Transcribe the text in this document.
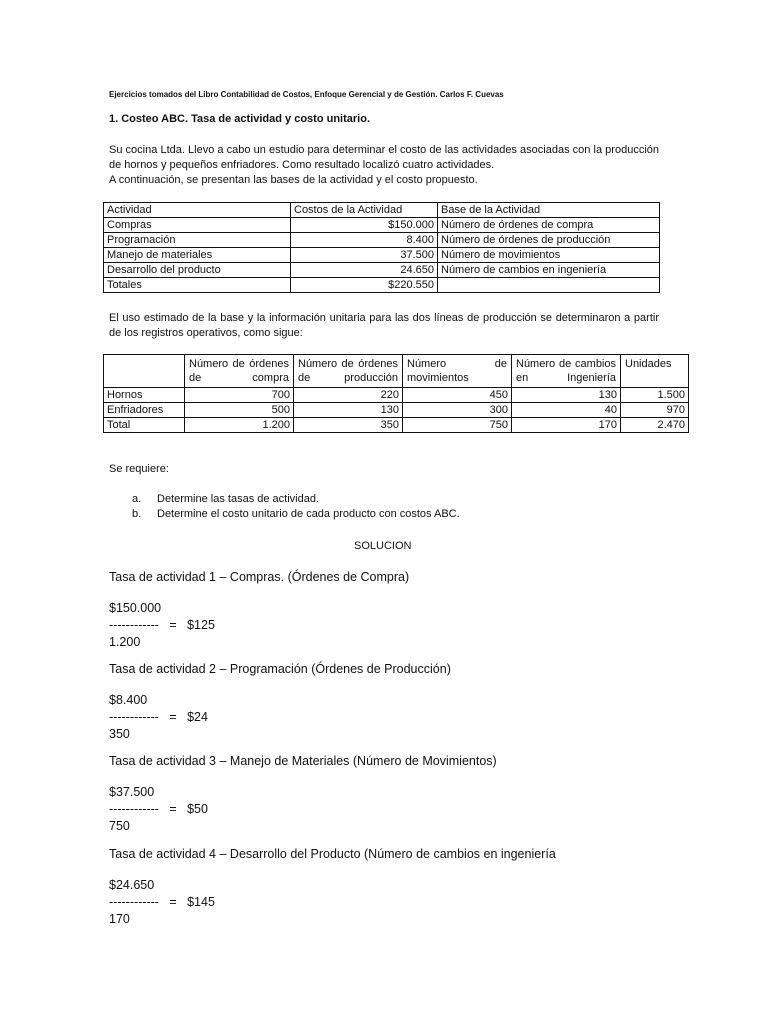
Ejercicios tomados del Libro Contabilidad de Costos, Enfoque Gerencial y de Gestión. Carlos F. Cuevas
1. Costeo ABC. Tasa de actividad y costo unitario.

Su cocina Ltda. Llevo a cabo un estudio para determinar el costo de las actividades asociadas con la producción de hornos y pequeños enfriadores. Como resultado localizó cuatro actividades.

A continuación, se presentan las bases de la actividad y el costo propuesto.

Actividad	Costos de la Actividad	Base de la Actividad
Compras	$150.000	Número de órdenes de compra
Programación	8.400	Número de órdenes de producción
Manejo de materiales	37.500	Número de movimientos
Desarrollo del producto	24.650	Número de cambios en ingeniería
Totales	$220.550	

El uso estimado de la base y la información unitaria para las dos líneas de producción se determinaron a partir de los registros operativos, como sigue:

	Número de órdenes de compra	Número de órdenes de producción	Número de movimientos	Número de cambios en Ingeniería	Unidades
Hornos	700	220	450	130	1.500
Enfriadores	500	130	300	40	970
Total	1.200	350	750	170	2.470
Se requiere:
a.	Determine las tasas de actividad.
b.	Determine el costo unitario de cada producto con costos ABC.
SOLUCION
Tasa de actividad 1 – Compras. (Órdenes de Compra)
$150.000
------------   =   $125
1.200
Tasa de actividad 2 – Programación (Órdenes de Producción)
$8.400
------------   =   $24
350
Tasa de actividad 3 – Manejo de Materiales (Número de Movimientos)
$37.500
------------   =   $50
750
Tasa de actividad 4 – Desarrollo del Producto (Número de cambios en ingeniería
$24.650
------------   =   $145
170
